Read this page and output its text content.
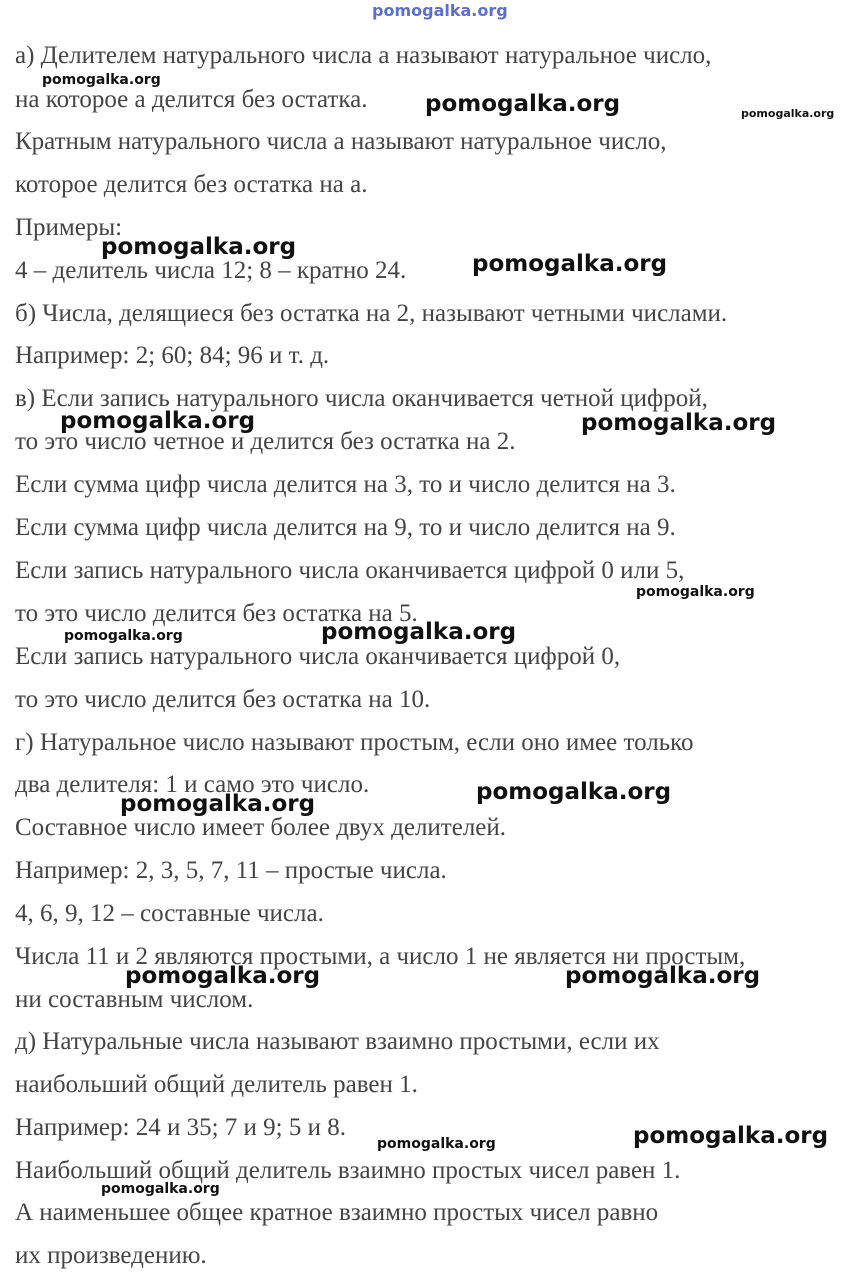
pomogalka.org
а) Делителем натурального числа а называют натуральное число,
на которое а делится без остатка.
Кратным натурального числа а называют натуральное число,
которое делится без остатка на а.
Примеры:
4 – делитель числа 12; 8 – кратно 24.
б) Числа, делящиеся без остатка на 2, называют четными числами.
Например: 2; 60; 84; 96 и т. д.
в) Если запись натурального числа оканчивается четной цифрой,
то это число четное и делится без остатка на 2.
Если сумма цифр числа делится на 3, то и число делится на 3.
Если сумма цифр числа делится на 9, то и число делится на 9.
Если запись натурального числа оканчивается цифрой 0 или 5,
то это число делится без остатка на 5.
Если запись натурального числа оканчивается цифрой 0,
то это число делится без остатка на 10.
г) Натуральное число называют простым, если оно имее только
два делителя: 1 и само это число.
Составное число имеет более двух делителей.
Например: 2, 3, 5, 7, 11 – простые числа.
4, 6, 9, 12 – составные числа.
Числа 11 и 2 являются простыми, а число 1 не является ни простым,
ни составным числом.
д) Натуральные числа называют взаимно простыми, если их
наибольший общий делитель равен 1.
Например: 24 и 35; 7 и 9; 5 и 8.
Наибольший общий делитель взаимно простых чисел равен 1.
А наименьшее общее кратное взаимно простых чисел равно
их произведению.
pomogalka.org
pomogalka.org	pomogalka.org
pomogalka.org
pomogalka.org
pomogalka.org	pomogalka.org
pomogalka.org
pomogalka.org	pomogalka.org
pomogalka.org	pomogalka.org
pomogalka.org	pomogalka.org
pomogalka.org	pomogalka.org
pomogalka.org
